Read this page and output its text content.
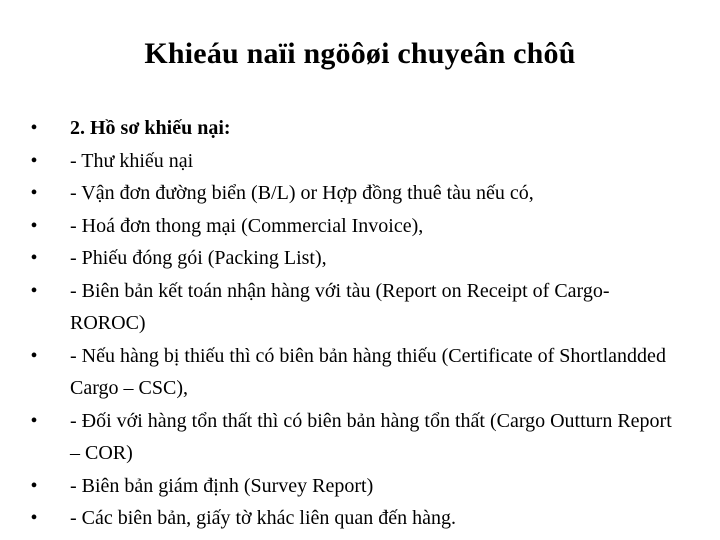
Khieáu naïi ngöôøi chuyeân chôû
• 2. Hồ sơ khiếu nại:
• - Thư khiếu nại
• - Vận đơn đường biển (B/L) or Hợp đồng thuê tàu nếu có,
• - Hoá đơn thong mại (Commercial Invoice),
• - Phiếu đóng gói (Packing List),
• - Biên bản kết toán nhận hàng với tàu (Report on Receipt of Cargo-ROROC)
• - Nếu hàng bị thiếu thì có biên bản hàng thiếu (Certificate of Shortlandded Cargo – CSC),
• - Đối với hàng tổn thất thì có biên bản hàng tổn thất (Cargo Outturn Report – COR)
• - Biên bản giám định (Survey Report)
• - Các biên bản, giấy tờ khác liên quan đến hàng.
